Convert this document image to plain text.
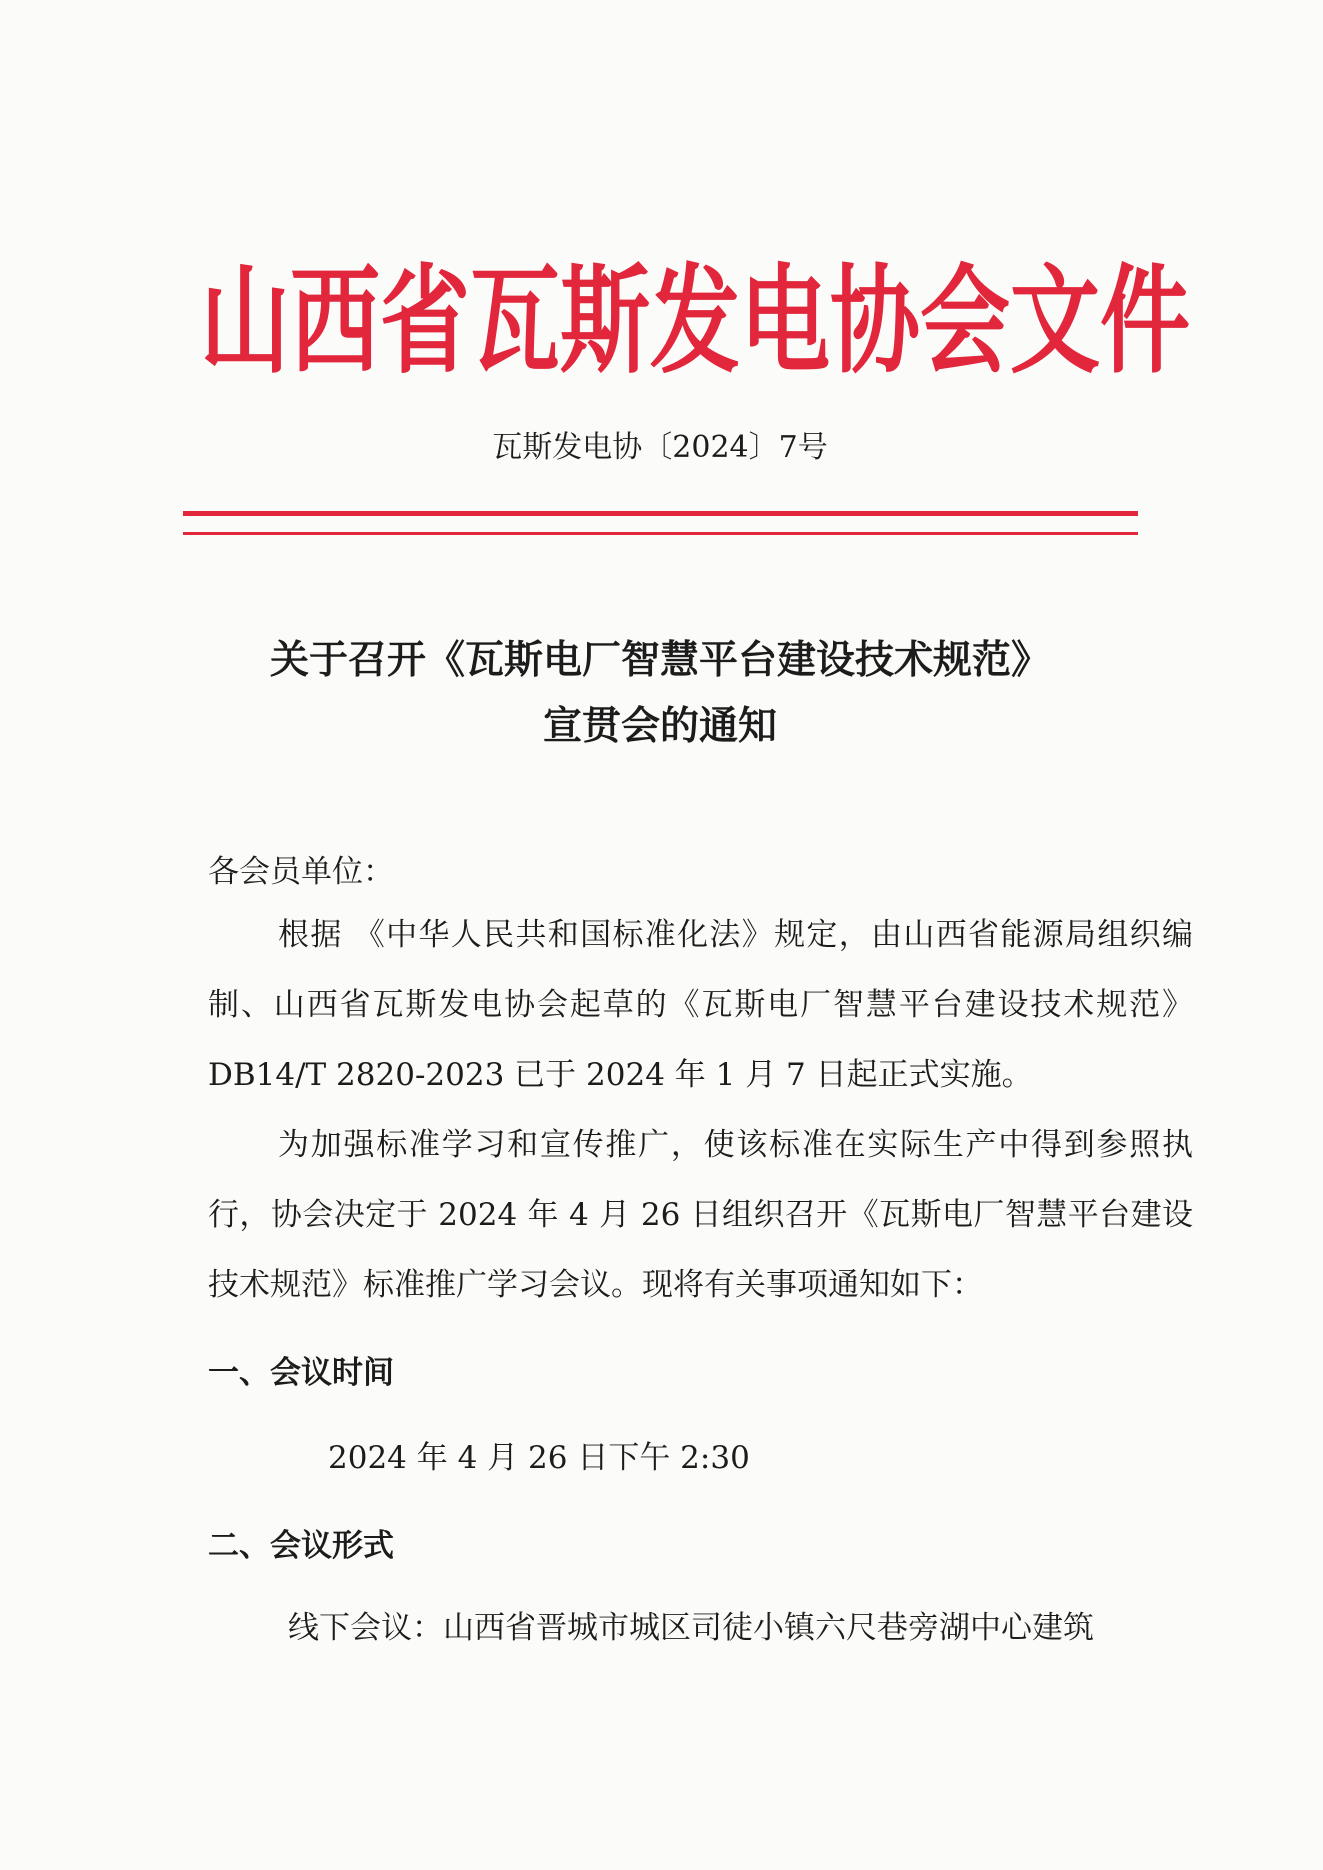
山西省瓦斯发电协会文件
瓦斯发电协〔2024〕7号
关于召开《瓦斯电厂智慧平台建设技术规范》
宣贯会的通知
各会员单位：

根据 《中华人民共和国标准化法》规定，由山西省能源局组织编制、山西省瓦斯发电协会起草的《瓦斯电厂智慧平台建设技术规范》DB14/T 2820-2023 已于 2024 年 1 月 7 日起正式实施。

为加强标准学习和宣传推广，使该标准在实际生产中得到参照执行，协会决定于 2024 年 4 月 26 日组织召开《瓦斯电厂智慧平台建设技术规范》标准推广学习会议。现将有关事项通知如下：

一、会议时间
2024 年 4 月 26 日下午 2:30
二、会议形式
线下会议：山西省晋城市城区司徒小镇六尺巷旁湖中心建筑
